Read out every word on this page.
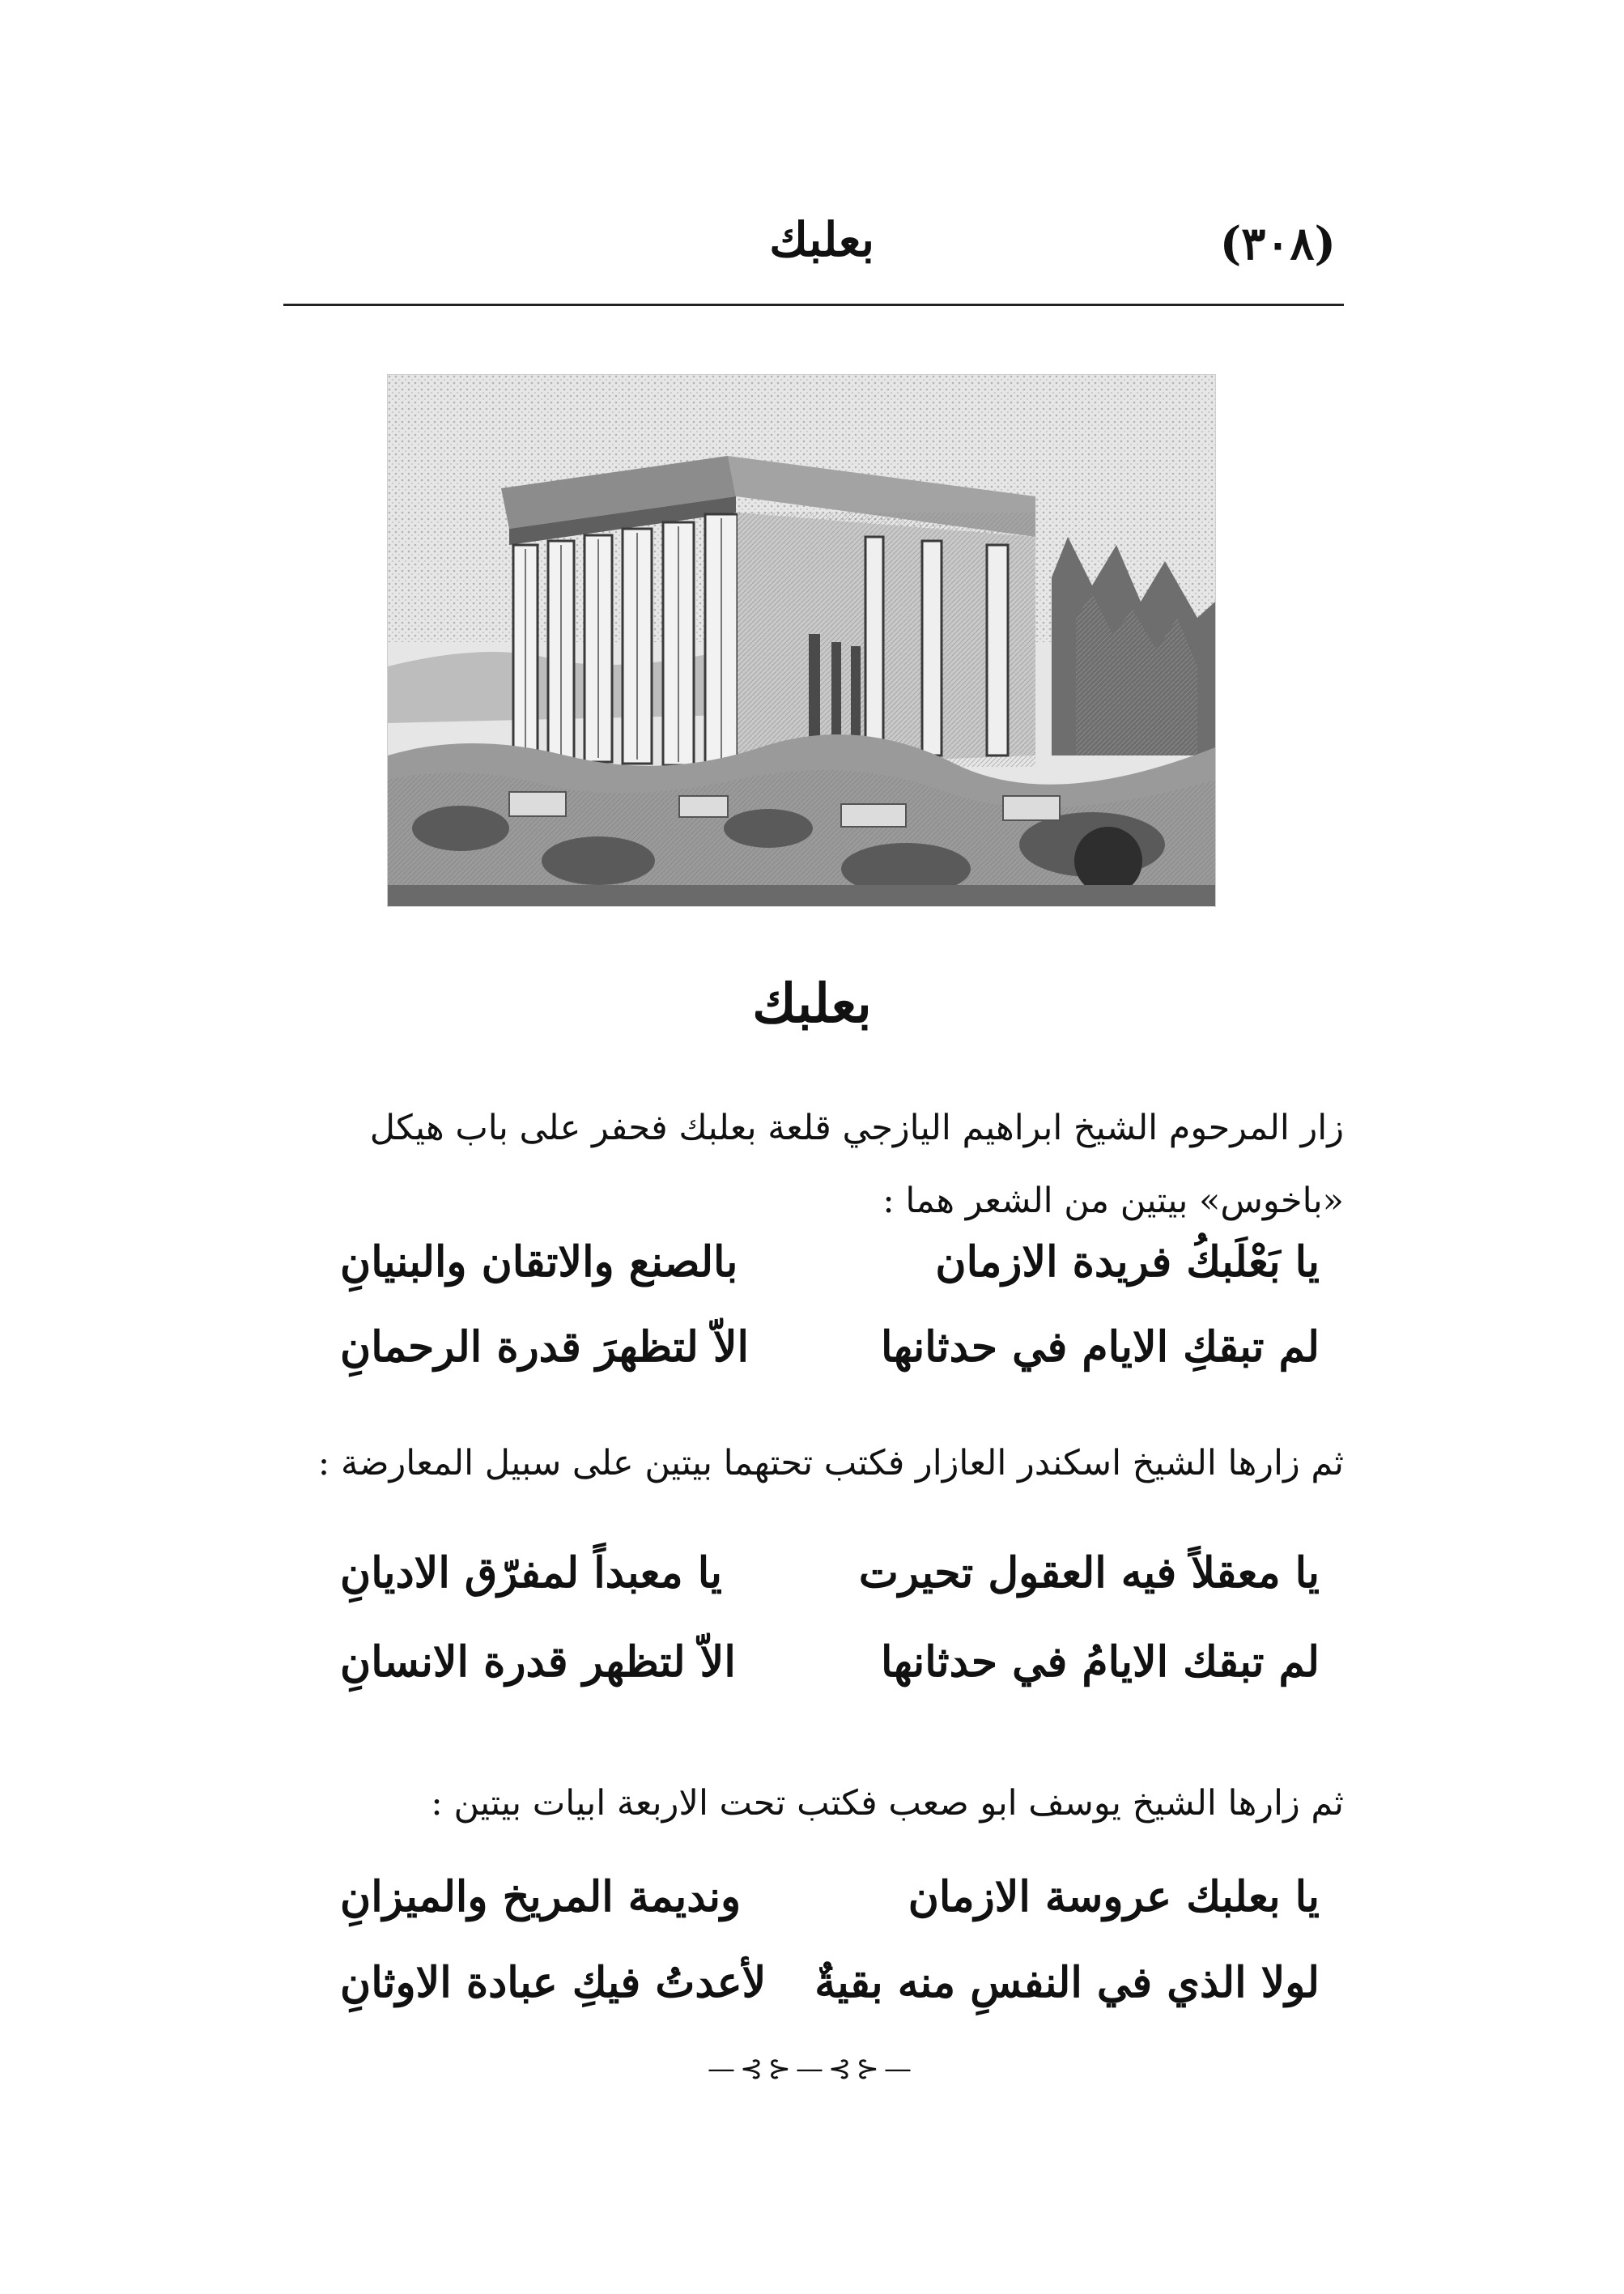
(٣٠٨)
بعلبك
بعلبك
زار المرحوم الشيخ ابراهيم اليازجي قلعة بعلبك فحفر على باب هيكل «باخوس» بيتين من الشعر هما :
يا بَعْلَبكُ فريدة الازمان
بالصنع والاتقان والبنيانِ
لم تبقكِ الايام في حدثانها
الاّ لتظهرَ قدرة الرحمانِ
ثم زارها الشيخ اسكندر العازار فكتب تحتهما بيتين على سبيل المعارضة :
يا معقلاً فيه العقول تحيرت
يا معبداً لمفرّق الاديانِ
لم تبقك الايامُ في حدثانها
الاّ لتظهر قدرة الانسانِ
ثم زارها الشيخ يوسف ابو صعب فكتب تحت الاربعة ابيات بيتين :
يا بعلبك عروسة الازمان
ونديمة المريخ والميزانِ
لولا الذي في النفسِ منه بقيةٌ
لأعدتُ فيكِ عبادة الاوثانِ
—⊰⊱—⊰⊱—
